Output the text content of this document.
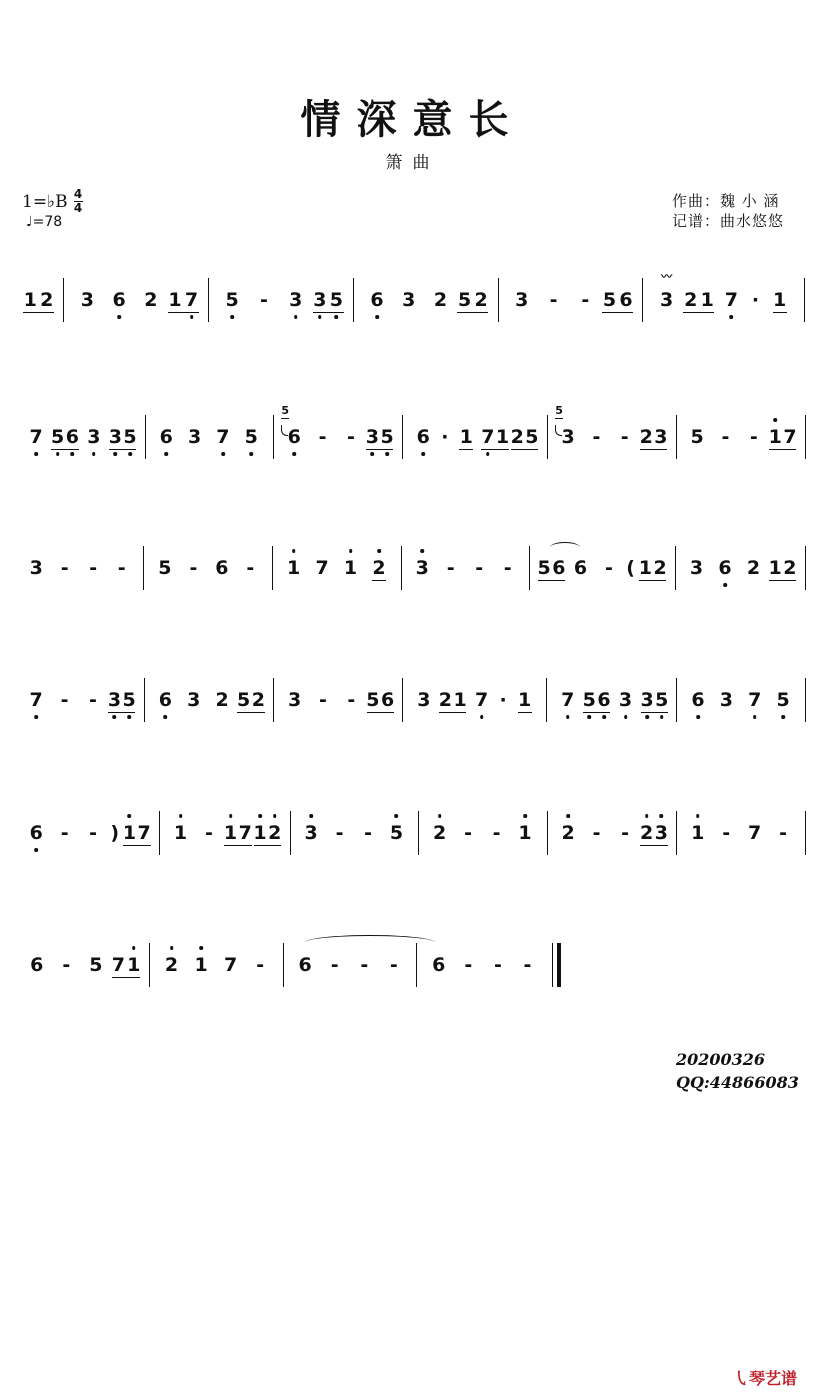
情深意长
箫曲
1=♭B 4
4
♩=78
作曲：魏 小 涵
记谱：曲水悠悠
1 2 3 6 2 1 7 5 - 3 3 5 6 3 2 5 2 3 - - 5 6 3
〰
2 1 7 · 1
7 5 6 3 3 5 6 3 7 5 6
5
- - 3 5 6 · 1 7 1 2 5 3
5
- - 2 3 5 - - 1 7
3 - - - 5 - 6 - 1 7 1 2 3 - - - 5 6 6 - ( 1 2 3 6 2 1 2
7 - - 3 5 6 3 2 5 2 3 - - 5 6 3 2 1 7 · 1 7 5 6 3 3 5 6 3 7 5
6 - - ) 1 7 1 - 1 7 1 2 3 - - 5 2 - - 1 2 - - 2 3 1 - 7 -
6 - 5 7 1 2 1 7 - 6 - - - 6 - - -
20200326
QQ:44866083
㇂琴艺谱
